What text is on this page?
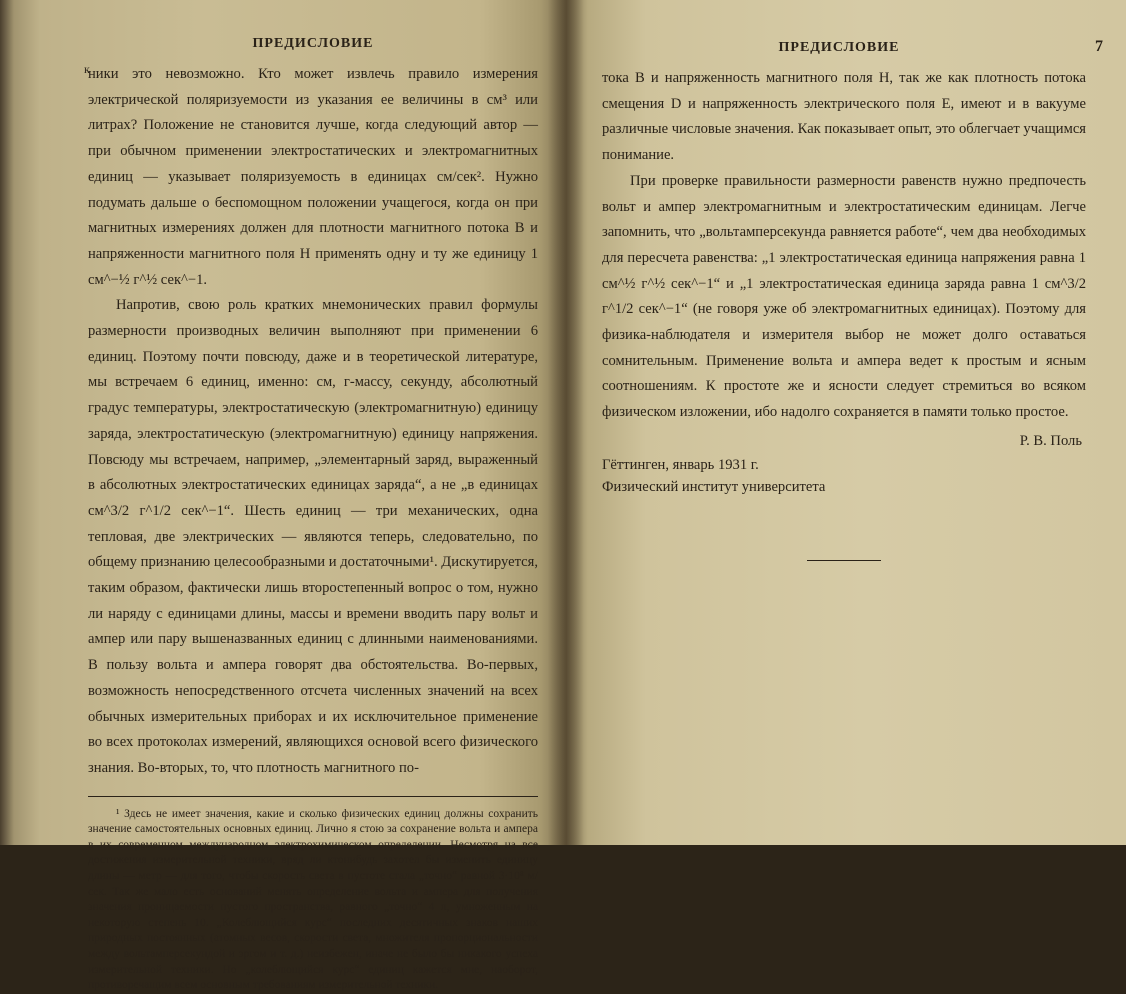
ПРЕДИСЛОВИЕ
к

ники это невозможно. Кто может извлечь правило измерения электрической поляризуемости из указания ее величины в см³ или литрах? Положение не становится лучше, когда следующий автор — при обычном применении электростатических и электромагнитных единиц — указывает поляризуемость в единицах см/сек². Нужно подумать дальше о беспомощном положении учащегося, когда он при магнитных измерениях должен для плотности магнитного потока B и напряженности магнитного поля H применять одну и ту же единицу 1 см^−½ г^½ сек^−1.

Напротив, свою роль кратких мнемонических правил формулы размерности производных величин выполняют при применении 6 единиц. Поэтому почти повсюду, даже и в теоретической литературе, мы встречаем 6 единиц, именно: см, г-массу, секунду, абсолютный градус температуры, электростатическую (электромагнитную) единицу заряда, электростатическую (электромагнитную) единицу напряжения. Повсюду мы встречаем, например, „элементарный заряд, выраженный в абсолютных электростатических единицах заряда“, а не „в единицах см^3/2 г^1/2 сек^−1“. Шесть единиц — три механических, одна тепловая, две электрических — являются теперь, следовательно, по общему признанию целесообразными и достаточными¹. Дискутируется, таким образом, фактически лишь второстепенный вопрос о том, нужно ли наряду с единицами длины, массы и времени вводить пару вольт и ампер или пару вышеназванных единиц с длинными наименованиями. В пользу вольта и ампера говорят два обстоятельства. Во-первых, возможность непосредственного отсчета численных значений на всех обычных измерительных приборах и их исключительное применение во всех протоколах измерений, являющихся основой всего физического знания. Во-вторых, то, что плотность магнитного по-

¹ Здесь не имеет значения, какие и сколько физических единиц должны сохранить значение самостоятельных основных единиц. Лично я стою за сохранение вольта и ампера в их современном международном электрохимическом определении. Несмотря на все достижения измерительной техники, вряд ли ктонибудь захотел бы изменить единицу длины — метр — для того, чтобы скорость света в пустоте стала „точно“ равной 3·10⁸ м/сек. Так же мало есть оснований менять определение вольта и ампера для получения значения проницаемости пустого пространства, равного „точно“ 4 π, умноженным на некоторую степень 10. „Колеблющийся курс“ последних десятичных знаков наших природных постоянных (атомных весов, скорости света, множителя пропорциональности между вольтамперсекундой и эргом и т. д.) неизбежен, иначе не было бы никакого успеха измерительной техники. Но „колеблющийся курс“ единиц кажется мне, наоборот, противоречащим всем основным требованиям измерительной техники.

ПРЕДИСЛОВИЕ	7

тока B и напряженность магнитного поля H, так же как плотность потока смещения D и напряженность электрического поля E, имеют и в вакууме различные числовые значения. Как показывает опыт, это облегчает учащимся понимание.

При проверке правильности размерности равенств нужно предпочесть вольт и ампер электромагнитным и электростатическим единицам. Легче запомнить, что „вольтамперсекунда равняется работе“, чем два необходимых для пересчета равенства: „1 электростатическая единица напряжения равна 1 см^½ г^½ сек^−1“ и „1 электростатическая единица заряда равна 1 см^3/2 г^1/2 сек^−1“ (не говоря уже об электромагнитных единицах). Поэтому для физика-наблюдателя и измерителя выбор не может долго оставаться сомнительным. Применение вольта и ампера ведет к простым и ясным соотношениям. К простоте же и ясности следует стремиться во всяком физическом изложении, ибо надолго сохраняется в памяти только простое.

Р. В. Поль

Гёттинген, январь 1931 г.

Физический институт университета
